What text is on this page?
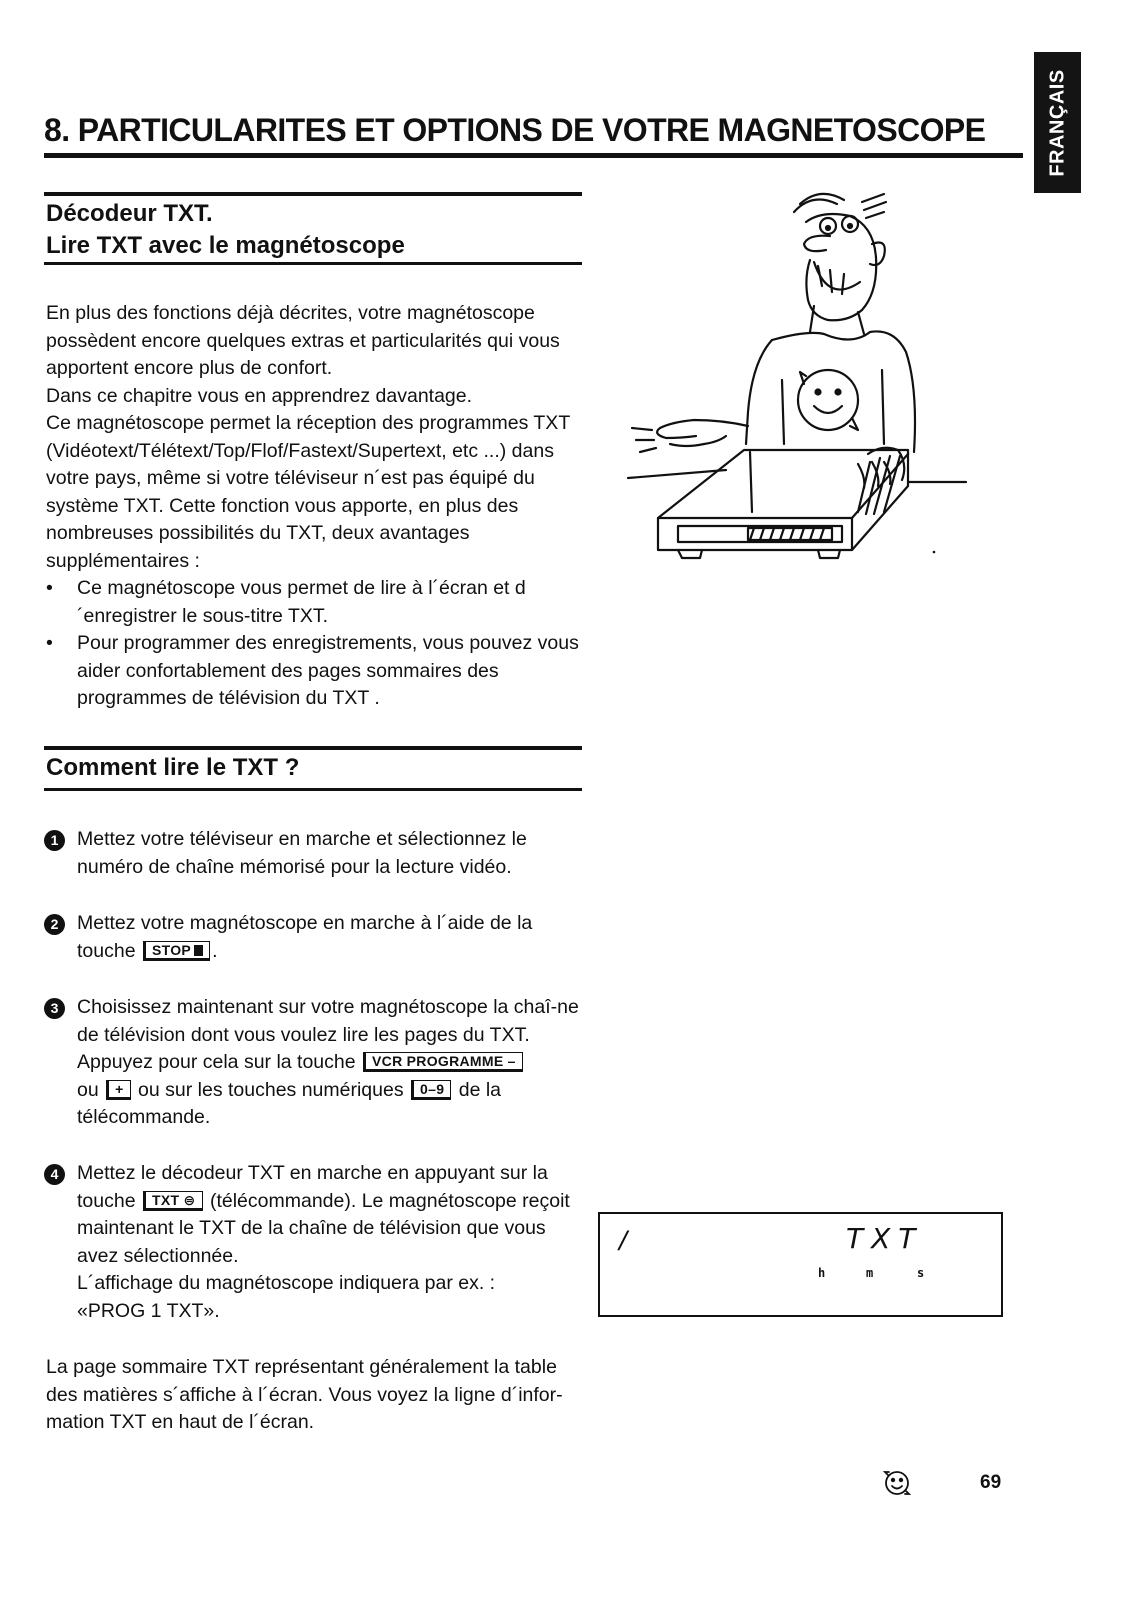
FRANÇAIS
8. PARTICULARITES ET OPTIONS DE VOTRE MAGNETOSCOPE
Décodeur TXT.
Lire TXT avec le magnétoscope

En plus des fonctions déjà décrites, votre magnétoscope possèdent encore quelques extras et particularités qui vous apportent encore plus de confort.

Dans ce chapitre vous en apprendrez davantage.

Ce magnétoscope permet la réception des programmes TXT (Vidéotext/Télétext/Top/Flof/Fastext/Supertext, etc ...) dans votre pays, même si votre téléviseur n´est pas équipé du système TXT. Cette fonction vous apporte, en plus des nombreuses possibilités du TXT, deux avantages supplémentaires :

• Ce magnétoscope vous permet de lire à l´écran et d´enregistrer le sous-titre TXT.
• Pour programmer des enregistrements, vous pouvez vous aider confortablement des pages sommaires des programmes de télévision du TXT .
Comment lire le TXT ?
1 Mettez votre téléviseur en marche et sélectionnez le numéro de chaîne mémorisé pour la lecture vidéo.

2 Mettez votre magnétoscope en marche à l´aide de la touche STOP .

3 Choisissez maintenant sur votre magnétoscope la chaî-ne de télévision dont vous voulez lire les pages du TXT. Appuyez pour cela sur la touche VCR PROGRAMME –
ou + ou sur les touches numériques 0–9 de la télécommande.

4 Mettez le décodeur TXT en marche en appuyant sur la touche TXT ⊜ (télécommande). Le magnétoscope reçoit maintenant le TXT de la chaîne de télévision que vous avez sélectionnée.

L´affichage du magnétoscope indiquera par ex. :

«PROG 1 TXT».

La page sommaire TXT représentant généralement la table des matières s´affiche à l´écran. Vous voyez la ligne d´infor-mation TXT en haut de l´écran.
/	TXT
h	m	s
69
